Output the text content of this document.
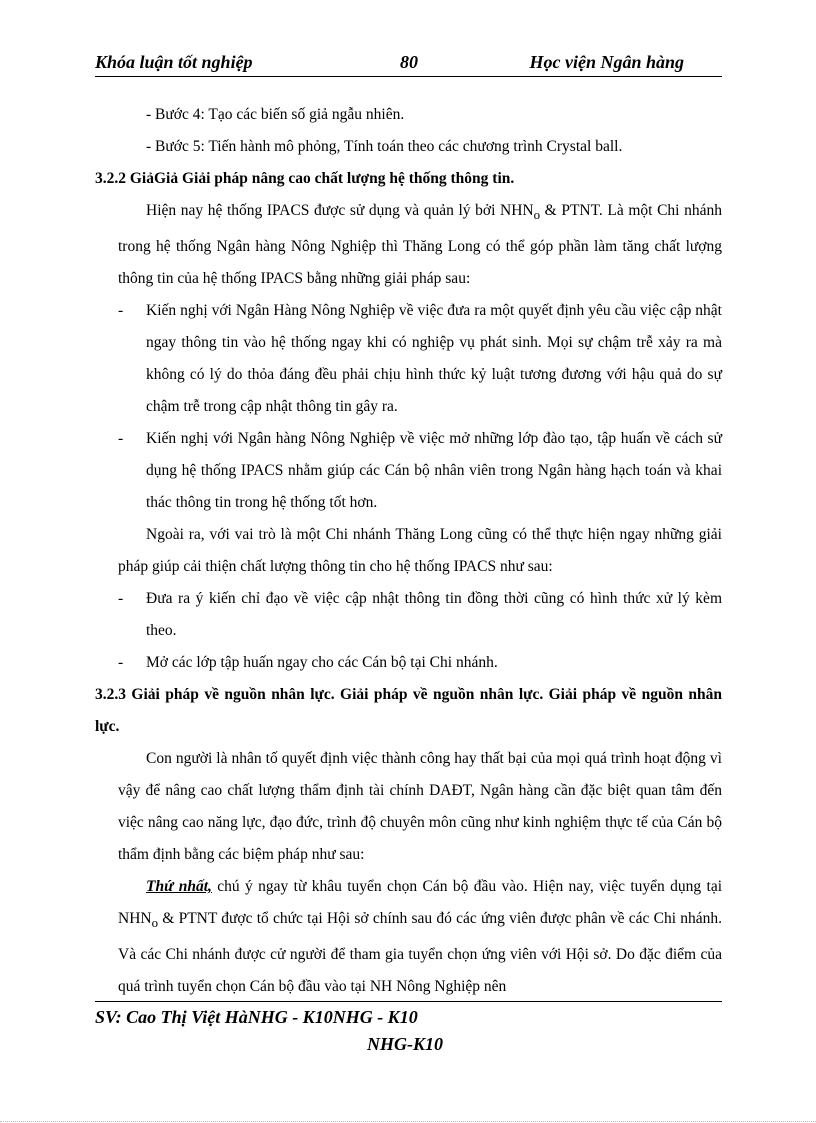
Khóa luận tốt nghiệp	80	Học viện Ngân hàng

- Bước 4: Tạo các biến số giả ngẫu nhiên.

- Bước 5: Tiến hành mô phỏng, Tính toán theo các chương trình Crystal ball.

3.2.2 GiảGiả Giải pháp nâng cao chất lượng hệ thống thông tin.

Hiện nay hệ thống IPACS được sử dụng và quản lý bởi $NHN_o$ & PTNT. Là một Chi nhánh trong hệ thống Ngân hàng Nông Nghiệp thì Thăng Long có thể góp phần làm tăng chất lượng thông tin của hệ thống IPACS bằng những giải pháp sau:

- Kiến nghị với Ngân Hàng Nông Nghiệp về việc đưa ra một quyết định yêu cầu việc cập nhật ngay thông tin vào hệ thống ngay khi có nghiệp vụ phát sinh. Mọi sự chậm trễ xảy ra mà không có lý do thỏa đáng đều phải chịu hình thức kỷ luật tương đương với hậu quả do sự chậm trễ trong cập nhật thông tin gây ra.

- Kiến nghị với Ngân hàng Nông Nghiệp về việc mở những lớp đào tạo, tập huấn về cách sử dụng hệ thống IPACS nhằm giúp các Cán bộ nhân viên trong Ngân hàng hạch toán và khai thác thông tin trong hệ thống tốt hơn.

Ngoài ra, với vai trò là một Chi nhánh Thăng Long cũng có thể thực hiện ngay những giải pháp giúp cải thiện chất lượng thông tin cho hệ thống IPACS như sau:

- Đưa ra ý kiến chỉ đạo về việc cập nhật thông tin đồng thời cũng có hình thức xử lý kèm theo.

- Mở các lớp tập huấn ngay cho các Cán bộ tại Chi nhánh.

3.2.3 Giải pháp về nguồn nhân lực. Giải pháp về nguồn nhân lực. Giải pháp về nguồn nhân lực.

Con người là nhân tố quyết định việc thành công hay thất bại của mọi quá trình hoạt động vì vậy để nâng cao chất lượng thẩm định tài chính DAĐT, Ngân hàng cần đặc biệt quan tâm đến việc nâng cao năng lực, đạo đức, trình độ chuyên môn cũng như kinh nghiệm thực tế của Cán bộ thẩm định bằng các biệm pháp như sau:

Thứ nhất, chú ý ngay từ khâu tuyển chọn Cán bộ đầu vào. Hiện nay, việc tuyển dụng tại $NHN_o$ & PTNT được tổ chức tại Hội sở chính sau đó các ứng viên được phân về các Chi nhánh. Và các Chi nhánh được cử người để tham gia tuyển chọn ứng viên với Hội sở. Do đặc điểm của quá trình tuyển chọn Cán bộ đầu vào tại NH Nông Nghiệp nên

SV: Cao Thị Việt HàNHG - K10NHG - K10
NHG-K10
